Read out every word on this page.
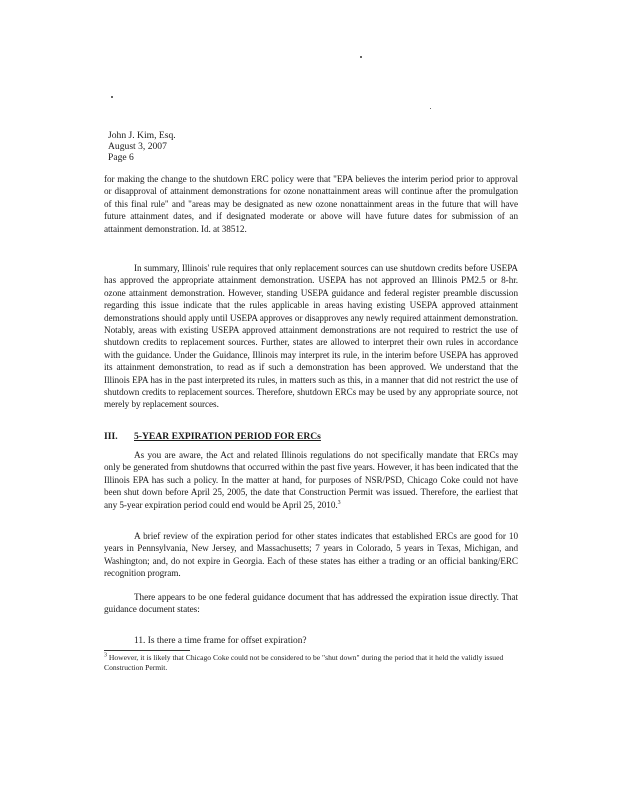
John J. Kim, Esq.
August 3, 2007
Page 6
for making the change to the shutdown ERC policy were that "EPA believes the interim period prior to approval or disapproval of attainment demonstrations for ozone nonattainment areas will continue after the promulgation of this final rule" and "areas may be designated as new ozone nonattainment areas in the future that will have future attainment dates, and if designated moderate or above will have future dates for submission of an attainment demonstration. Id. at 38512.
In summary, Illinois' rule requires that only replacement sources can use shutdown credits before USEPA has approved the appropriate attainment demonstration. USEPA has not approved an Illinois PM2.5 or 8-hr. ozone attainment demonstration. However, standing USEPA guidance and federal register preamble discussion regarding this issue indicate that the rules applicable in areas having existing USEPA approved attainment demonstrations should apply until USEPA approves or disapproves any newly required attainment demonstration. Notably, areas with existing USEPA approved attainment demonstrations are not required to restrict the use of shutdown credits to replacement sources. Further, states are allowed to interpret their own rules in accordance with the guidance. Under the Guidance, Illinois may interpret its rule, in the interim before USEPA has approved its attainment demonstration, to read as if such a demonstration has been approved. We understand that the Illinois EPA has in the past interpreted its rules, in matters such as this, in a manner that did not restrict the use of shutdown credits to replacement sources. Therefore, shutdown ERCs may be used by any appropriate source, not merely by replacement sources.
III. 5-YEAR EXPIRATION PERIOD FOR ERCs
As you are aware, the Act and related Illinois regulations do not specifically mandate that ERCs may only be generated from shutdowns that occurred within the past five years. However, it has been indicated that the Illinois EPA has such a policy. In the matter at hand, for purposes of NSR/PSD, Chicago Coke could not have been shut down before April 25, 2005, the date that Construction Permit was issued. Therefore, the earliest that any 5-year expiration period could end would be April 25, 2010.$^3$
A brief review of the expiration period for other states indicates that established ERCs are good for 10 years in Pennsylvania, New Jersey, and Massachusetts; 7 years in Colorado, 5 years in Texas, Michigan, and Washington; and, do not expire in Georgia. Each of these states has either a trading or an official banking/ERC recognition program.
There appears to be one federal guidance document that has addressed the expiration issue directly. That guidance document states:
11. Is there a time frame for offset expiration?
$^3$ However, it is likely that Chicago Coke could not be considered to be "shut down" during the period that it held the validly issued Construction Permit.
